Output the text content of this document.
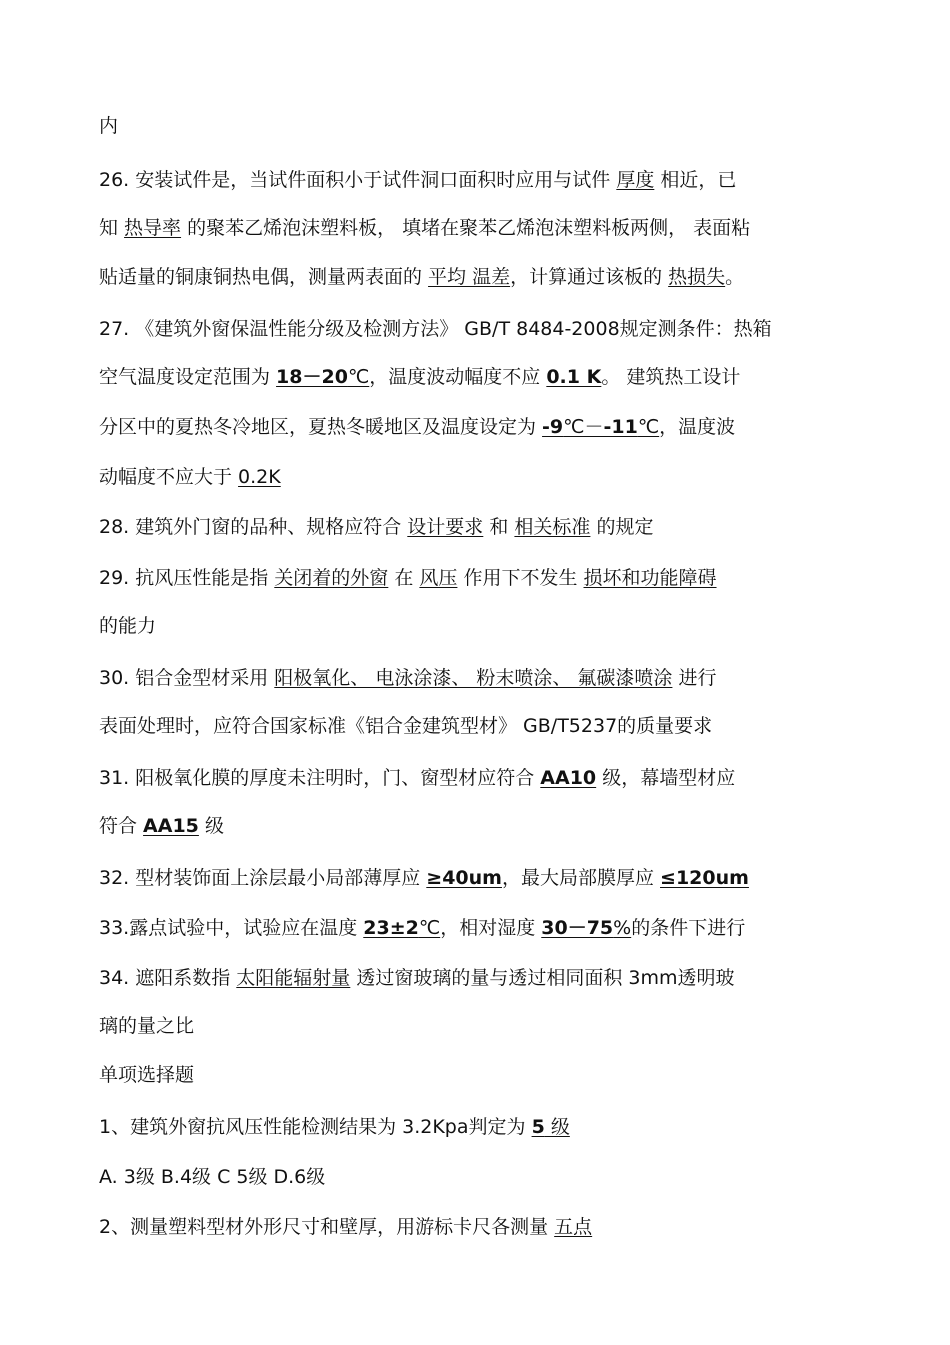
内
26. 安装试件是，当试件面积小于试件洞口面积时应用与试件 厚度 相近，已
知 热导率 的聚苯乙烯泡沫塑料板， 填堵在聚苯乙烯泡沫塑料板两侧， 表面粘
贴适量的铜康铜热电偶，测量两表面的 平均 温差，计算通过该板的 热损失。
27. 《建筑外窗保温性能分级及检测方法》 GB/T 8484-2008规定测条件：热箱
空气温度设定范围为 18－20℃，温度波动幅度不应 0.1 K。 建筑热工设计
分区中的夏热冬冷地区，夏热冬暖地区及温度设定为 -9℃－-11℃，温度波
动幅度不应大于 0.2K
28. 建筑外门窗的品种、规格应符合 设计要求 和 相关标准 的规定
29. 抗风压性能是指 关闭着的外窗 在 风压 作用下不发生 损坏和功能障碍
的能力
30. 铝合金型材采用 阳极氧化、 电泳涂漆、 粉末喷涂、 氟碳漆喷涂 进行
表面处理时，应符合国家标准《铝合金建筑型材》 GB/T5237的质量要求
31. 阳极氧化膜的厚度未注明时，门、窗型材应符合 AA10 级，幕墙型材应
符合 AA15 级
32. 型材装饰面上涂层最小局部薄厚应 ≥40um，最大局部膜厚应 ≤120um
33.露点试验中，试验应在温度 23±2℃，相对湿度 30－75%的条件下进行
34. 遮阳系数指 太阳能辐射量 透过窗玻璃的量与透过相同面积 3mm透明玻
璃的量之比
单项选择题
1、建筑外窗抗风压性能检测结果为 3.2Kpa判定为 5 级
A. 3级 B.4级 C 5级 D.6级
2、测量塑料型材外形尺寸和壁厚，用游标卡尺各测量 五点
